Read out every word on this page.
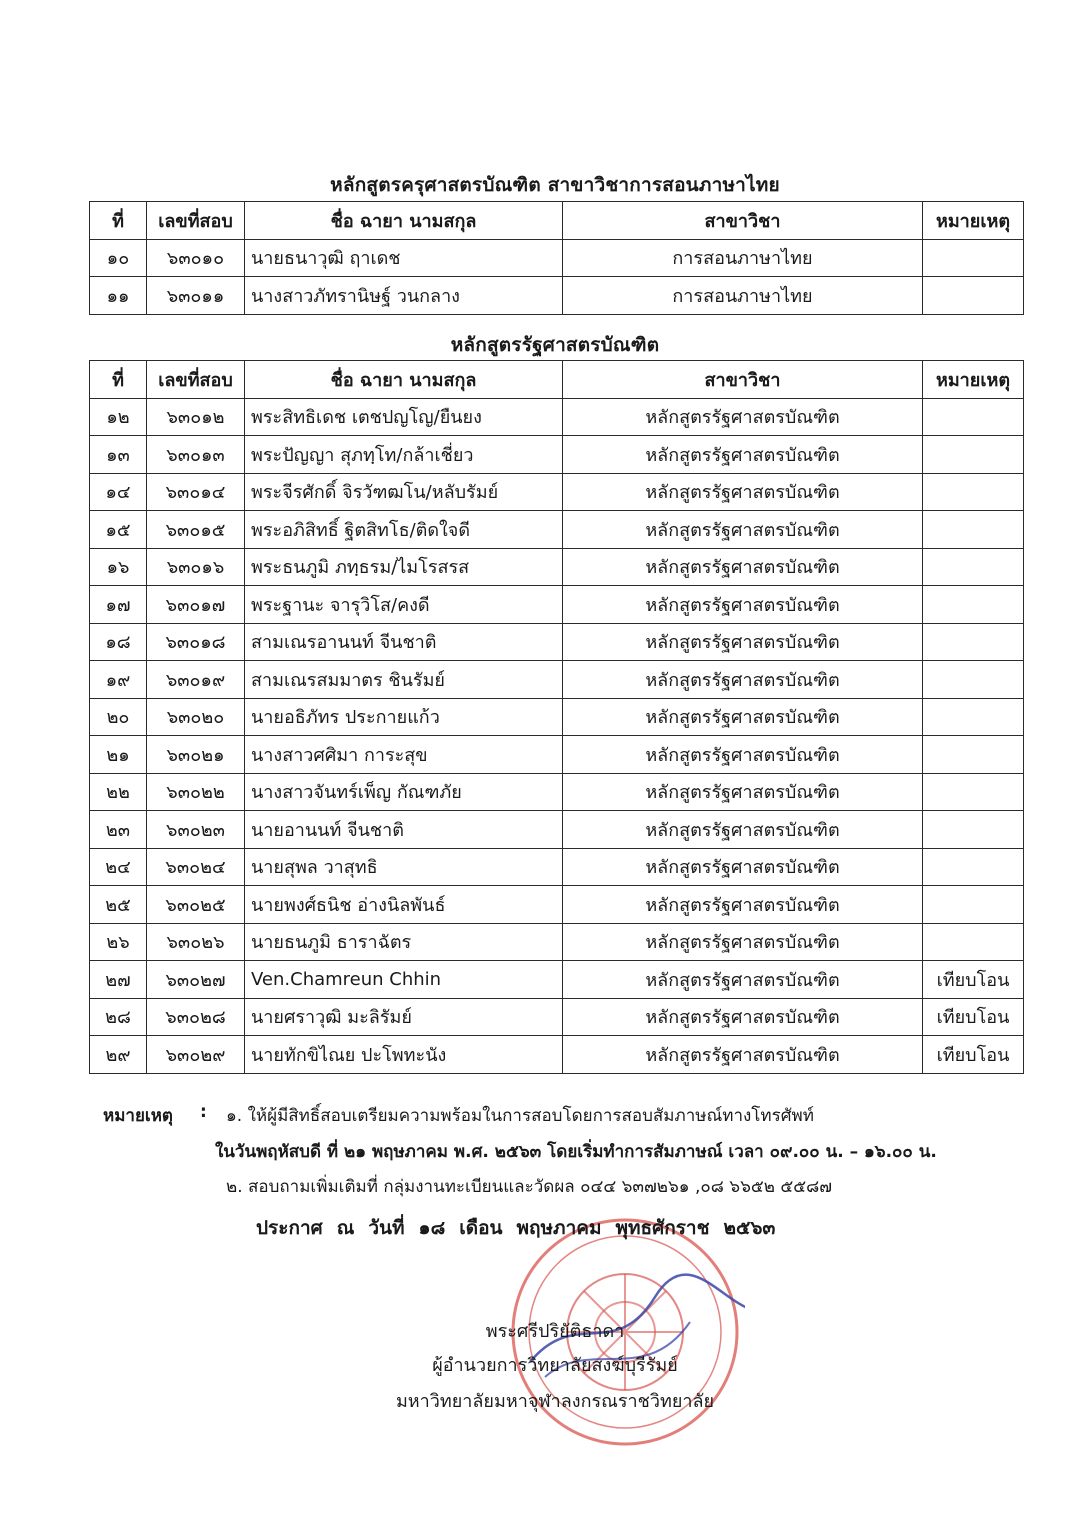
หลักสูตรครุศาสตรบัณฑิต สาขาวิชาการสอนภาษาไทย
ที่	เลขที่สอบ	ชื่อ ฉายา นามสกุล	สาขาวิชา	หมายเหตุ
๑๐	๖๓๐๑๐	นายธนาวุฒิ ฤาเดช	การสอนภาษาไทย	
๑๑	๖๓๐๑๑	นางสาวภัทรานิษฐ์ วนกลาง	การสอนภาษาไทย	
หลักสูตรรัฐศาสตรบัณฑิต
ที่	เลขที่สอบ	ชื่อ ฉายา นามสกุล	สาขาวิชา	หมายเหตุ
๑๒	๖๓๐๑๒	พระสิทธิเดช เตชปญโญ/ยืนยง	หลักสูตรรัฐศาสตรบัณฑิต	
๑๓	๖๓๐๑๓	พระปัญญา สุภทฺโท/กล้าเชี่ยว	หลักสูตรรัฐศาสตรบัณฑิต	
๑๔	๖๓๐๑๔	พระจีรศักดิ์ จิรวัฑฒโน/หลับรัมย์	หลักสูตรรัฐศาสตรบัณฑิต	
๑๕	๖๓๐๑๕	พระอภิสิทธิ์ ฐิตสิทโธ/ติดใจดี	หลักสูตรรัฐศาสตรบัณฑิต	
๑๖	๖๓๐๑๖	พระธนภูมิ ภทฺธรม/ไมโรสรส	หลักสูตรรัฐศาสตรบัณฑิต	
๑๗	๖๓๐๑๗	พระฐานะ จารุวิโส/คงดี	หลักสูตรรัฐศาสตรบัณฑิต	
๑๘	๖๓๐๑๘	สามเณรอานนท์ จีนชาติ	หลักสูตรรัฐศาสตรบัณฑิต	
๑๙	๖๓๐๑๙	สามเณรสมมาตร ชินรัมย์	หลักสูตรรัฐศาสตรบัณฑิต	
๒๐	๖๓๐๒๐	นายอธิภัทร ประกายแก้ว	หลักสูตรรัฐศาสตรบัณฑิต	
๒๑	๖๓๐๒๑	นางสาวศศิมา การะสุข	หลักสูตรรัฐศาสตรบัณฑิต	
๒๒	๖๓๐๒๒	นางสาวจันทร์เพ็ญ กัณฑภัย	หลักสูตรรัฐศาสตรบัณฑิต	
๒๓	๖๓๐๒๓	นายอานนท์ จีนชาติ	หลักสูตรรัฐศาสตรบัณฑิต	
๒๔	๖๓๐๒๔	นายสุพล วาสุทธิ	หลักสูตรรัฐศาสตรบัณฑิต	
๒๕	๖๓๐๒๕	นายพงศ์ธนิช อ่างนิลพันธ์	หลักสูตรรัฐศาสตรบัณฑิต	
๒๖	๖๓๐๒๖	นายธนภูมิ ธาราฉัตร	หลักสูตรรัฐศาสตรบัณฑิต	
๒๗	๖๓๐๒๗	Ven.Chamreun Chhin	หลักสูตรรัฐศาสตรบัณฑิต	เทียบโอน
๒๘	๖๓๐๒๘	นายศราวุฒิ มะลิรัมย์	หลักสูตรรัฐศาสตรบัณฑิต	เทียบโอน
๒๙	๖๓๐๒๙	นายทักขิไณย ปะโพทะนัง	หลักสูตรรัฐศาสตรบัณฑิต	เทียบโอน
หมายเหตุ : ๑. ให้ผู้มีสิทธิ์สอบเตรียมความพร้อมในการสอบโดยการสอบสัมภาษณ์ทางโทรศัพท์
ในวันพฤหัสบดี ที่ ๒๑ พฤษภาคม พ.ศ. ๒๕๖๓ โดยเริ่มทำการสัมภาษณ์ เวลา ๐๙.๐๐ น. – ๑๖.๐๐ น.
๒. สอบถามเพิ่มเติมที่ กลุ่มงานทะเบียนและวัดผล ๐๔๔ ๖๓๗๒๖๑ ,๐๘ ๖๖๕๒ ๕๕๘๗
ประกาศ ณ วันที่ ๑๘ เดือน พฤษภาคม พุทธศักราช ๒๕๖๓
พระศรีปริยัติธาดา
ผู้อำนวยการวิทยาลัยสงฆ์บุรีรัมย์
มหาวิทยาลัยมหาจุฬาลงกรณราชวิทยาลัย
